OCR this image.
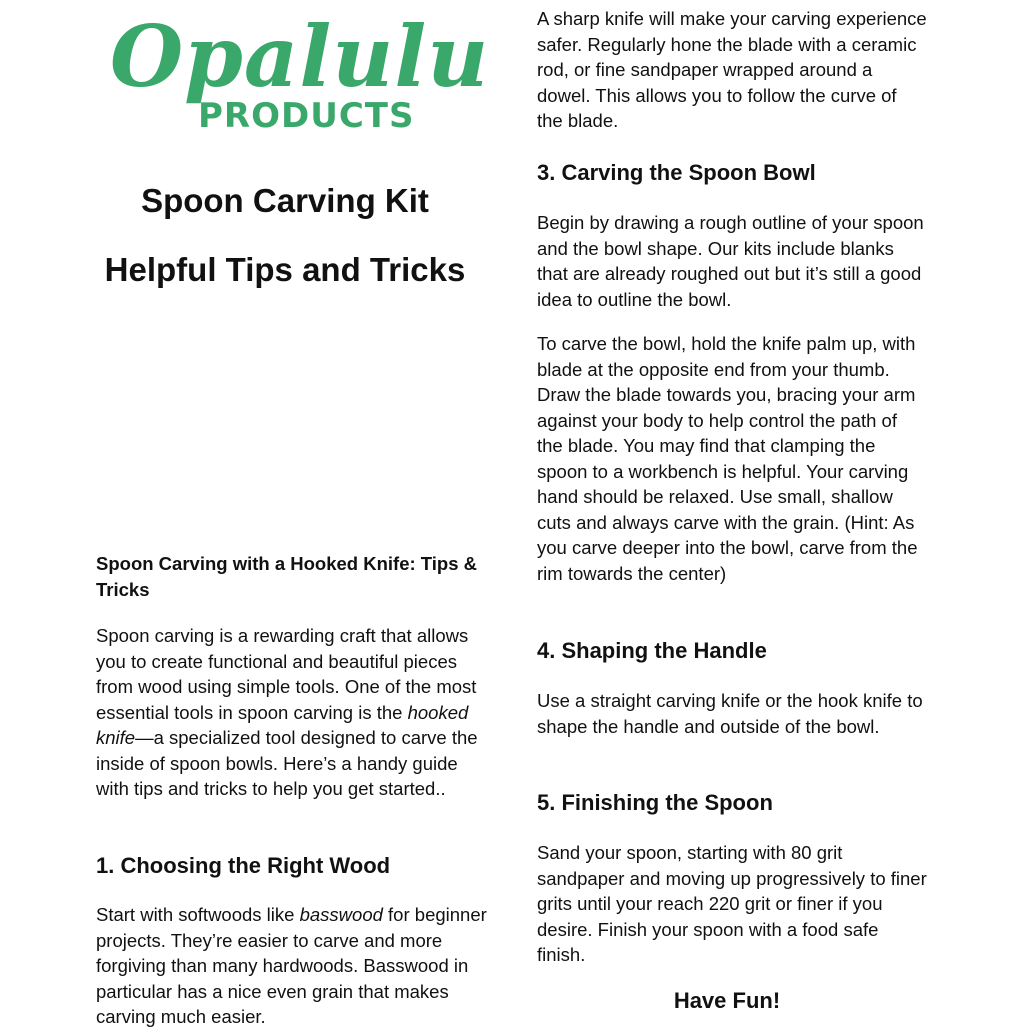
Opalulu
PRODUCTS
Spoon Carving Kit
Helpful Tips and Tricks
Spoon Carving with a Hooked Knife: Tips & Tricks
Spoon carving is a rewarding craft that allows you to create functional and beautiful pieces from wood using simple tools. One of the most essential tools in spoon carving is the hooked knife—a specialized tool designed to carve the inside of spoon bowls. Here’s a handy guide with tips and tricks to help you get started..
1. Choosing the Right Wood
Start with softwoods like basswood for beginner projects. They’re easier to carve and more forgiving than many hardwoods. Basswood in particular has a nice even grain that makes carving much easier.
A sharp knife will make your carving experience safer. Regularly hone the blade with a ceramic rod, or fine sandpaper wrapped around a dowel. This allows you to follow the curve of the blade.
3. Carving the Spoon Bowl
Begin by drawing a rough outline of your spoon and the bowl shape. Our kits include blanks that are already roughed out but it’s still a good idea to outline the bowl.
To carve the bowl, hold the knife palm up, with blade at the opposite end from your thumb. Draw the blade towards you, bracing your arm against your body to help control the path of the blade. You may find that clamping the spoon to a workbench is helpful. Your carving hand should be relaxed. Use small, shallow cuts and always carve with the grain. (Hint: As you carve deeper into the bowl, carve from the rim towards the center)
4. Shaping the Handle
Use a straight carving knife or the hook knife to shape the handle and outside of the bowl.
5. Finishing the Spoon
Sand your spoon, starting with 80 grit sandpaper and moving up progressively to finer grits until your reach 220 grit or finer if you desire. Finish your spoon with a food safe finish.
Have Fun!
